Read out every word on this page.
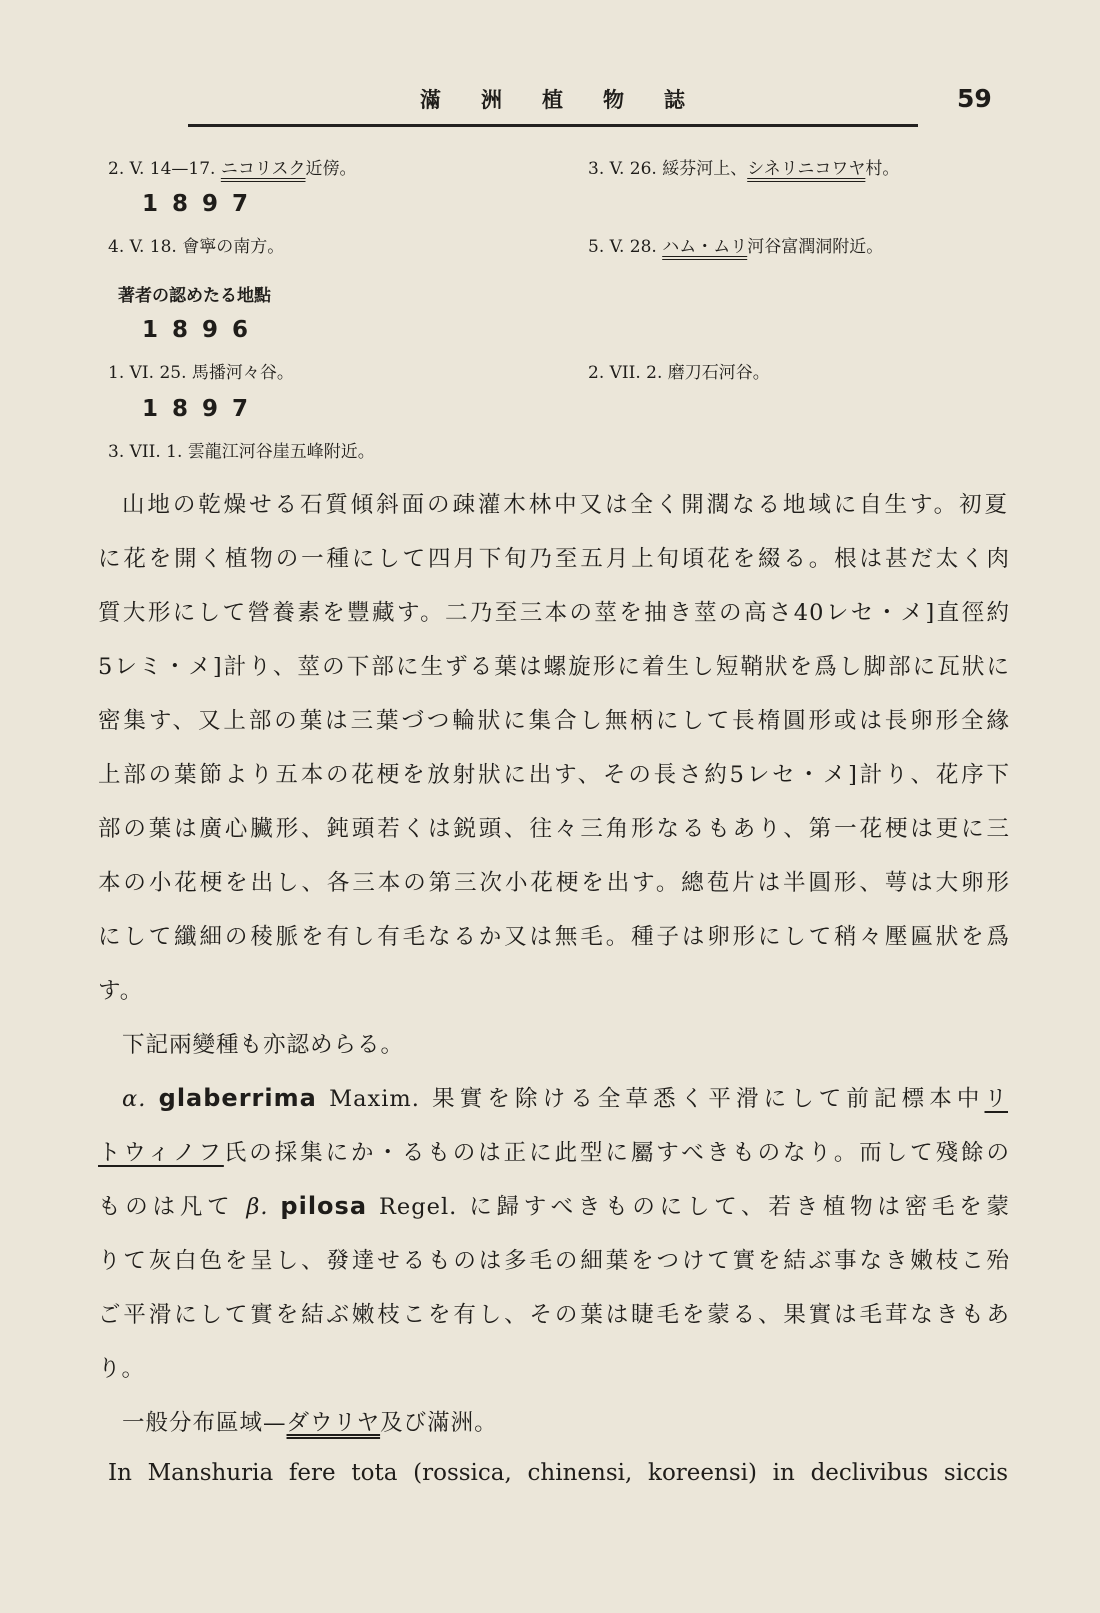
滿洲植物誌	59
2. V. 14—17. ニコリスク近傍。	3. V. 26. 綏芬河上、シネリニコワヤ村。
1897
4. V. 18. 會寧の南方。	5. V. 28. ハム・ムリ河谷富潤洞附近。
著者の認めたる地點
1896
1. VI. 25. 馬播河々谷。	2. VII. 2. 磨刀石河谷。
1897
3. VII. 1. 雲龍江河谷崖五峰附近。
山地の乾燥せる石質傾斜面の疎灌木林中又は全く開濶なる地域に自生す。初夏
に花を開く植物の一種にして四月下旬乃至五月上旬頃花を綴る。根は甚だ太く肉
質大形にして營養素を豐藏す。二乃至三本の莖を抽き莖の高さ40レセ・メ]直徑約
5レミ・メ]計り、莖の下部に生ずる葉は螺旋形に着生し短鞘狀を爲し脚部に瓦狀に
密集す、又上部の葉は三葉づつ輪狀に集合し無柄にして長楕圓形或は長卵形全緣
上部の葉節より五本の花梗を放射狀に出す、その長さ約5レセ・メ]計り、花序下
部の葉は廣心臟形、鈍頭若くは鋭頭、往々三角形なるもあり、第一花梗は更に三
本の小花梗を出し、各三本の第三次小花梗を出す。總苞片は半圓形、萼は大卵形
にして纖細の稜脈を有し有毛なるか又は無毛。種子は卵形にして稍々壓匾狀を爲
す。
下記兩變種も亦認めらる。
α. glaberrima Maxim. 果實を除ける全草悉く平滑にして前記標本中リ
トウィノフ氏の採集にか・るものは正に此型に屬すべきものなり。而して殘餘の
ものは凡て β. pilosa Regel. に歸すべきものにして、若き植物は密毛を蒙
りて灰白色を呈し、發達せるものは多毛の細葉をつけて實を結ぶ事なき嫩枝こ殆
ご平滑にして實を結ぶ嫩枝こを有し、その葉は睫毛を蒙る、果實は毛茸なきもあ
り。
一般分布區域—ダウリヤ及び滿洲。
In Manshuria fere tota (rossica, chinensi, koreensi) in declivibus siccis
